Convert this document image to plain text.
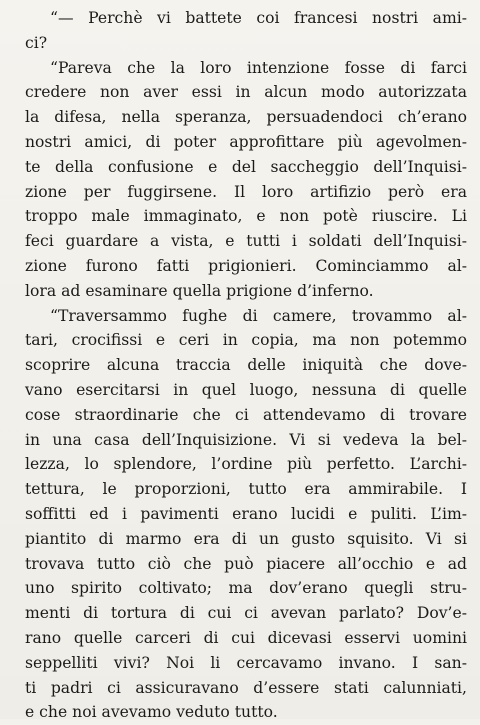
“— Perchè vi battete coi francesi nostri ami-
ci?
“Pareva che la loro intenzione fosse di farci
credere non aver essi in alcun modo autorizzata
la difesa, nella speranza, persuadendoci ch’erano
nostri amici, di poter approfittare più agevolmen-
te della confusione e del saccheggio dell’Inquisi-
zione per fuggirsene. Il loro artifizio però era
troppo male immaginato, e non potè riuscire. Li
feci guardare a vista, e tutti i soldati dell’Inquisi-
zione furono fatti prigionieri. Cominciammo al-
lora ad esaminare quella prigione d’inferno.
“Traversammo fughe di camere, trovammo al-
tari, crocifissi e ceri in copia, ma non potemmo
scoprire alcuna traccia delle iniquità che dove-
vano esercitarsi in quel luogo, nessuna di quelle
cose straordinarie che ci attendevamo di trovare
in una casa dell’Inquisizione. Vi si vedeva la bel-
lezza, lo splendore, l’ordine più perfetto. L’archi-
tettura, le proporzioni, tutto era ammirabile. I
soffitti ed i pavimenti erano lucidi e puliti. L’im-
piantito di marmo era di un gusto squisito. Vi si
trovava tutto ciò che può piacere all’occhio e ad
uno spirito coltivato; ma dov’erano quegli stru-
menti di tortura di cui ci avevan parlato? Dov’e-
rano quelle carceri di cui dicevasi esservi uomini
seppelliti vivi? Noi li cercavamo invano. I san-
ti padri ci assicuravano d’essere stati calunniati,
e che noi avevamo veduto tutto.
